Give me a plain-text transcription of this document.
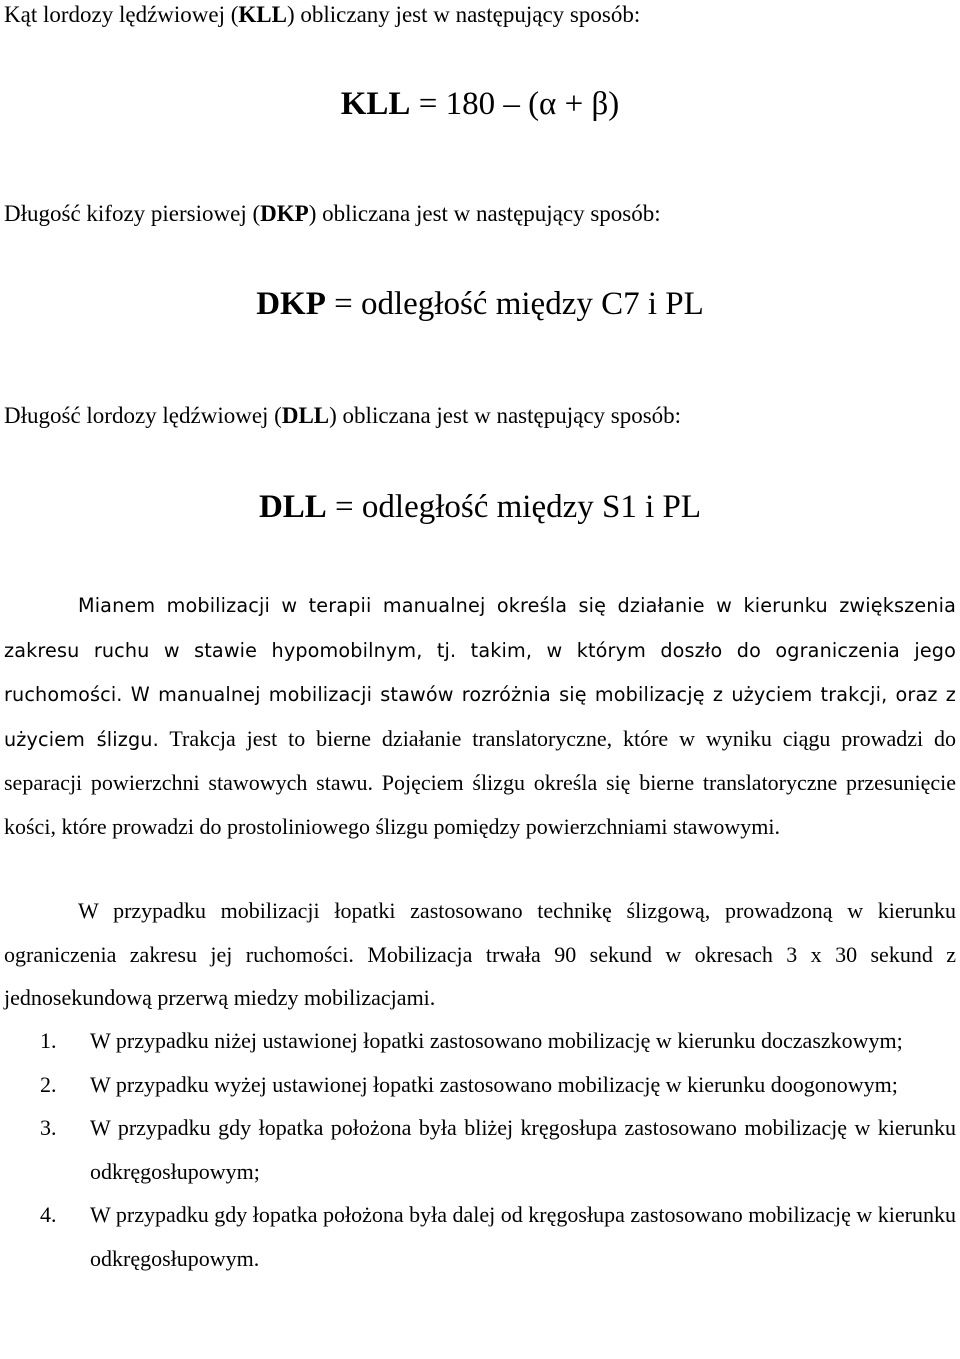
Kąt lordozy lędźwiowej (KLL) obliczany jest w następujący sposób:
KLL = 180 – (α + β)
Długość kifozy piersiowej (DKP) obliczana jest w następujący sposób:
DKP = odległość między C7 i PL
Długość lordozy lędźwiowej (DLL) obliczana jest w następujący sposób:
DLL = odległość między S1 i PL

Mianem mobilizacji w terapii manualnej określa się działanie w kierunku zwiększenia zakresu ruchu w stawie hypomobilnym, tj. takim, w którym doszło do ograniczenia jego ruchomości. W manualnej mobilizacji stawów rozróżnia się mobilizację z użyciem trakcji, oraz z użyciem ślizgu. Trakcja jest to bierne działanie translatoryczne, które w wyniku ciągu prowadzi do separacji powierzchni stawowych stawu. Pojęciem ślizgu określa się bierne translatoryczne przesunięcie kości, które prowadzi do prostoliniowego ślizgu pomiędzy powierzchniami stawowymi.

W przypadku mobilizacji łopatki zastosowano technikę ślizgową, prowadzoną w kierunku ograniczenia zakresu jej ruchomości. Mobilizacja trwała 90 sekund w okresach 3 x 30 sekund z jednosekundową przerwą miedzy mobilizacjami.

1. W przypadku niżej ustawionej łopatki zastosowano mobilizację w kierunku doczaszkowym;
2. W przypadku wyżej ustawionej łopatki zastosowano mobilizację w kierunku doogonowym;
3. W przypadku gdy łopatka położona była bliżej kręgosłupa zastosowano mobilizację w kierunku odkręgosłupowym;
4. W przypadku gdy łopatka położona była dalej od kręgosłupa zastosowano mobilizację w kierunku odkręgosłupowym.
